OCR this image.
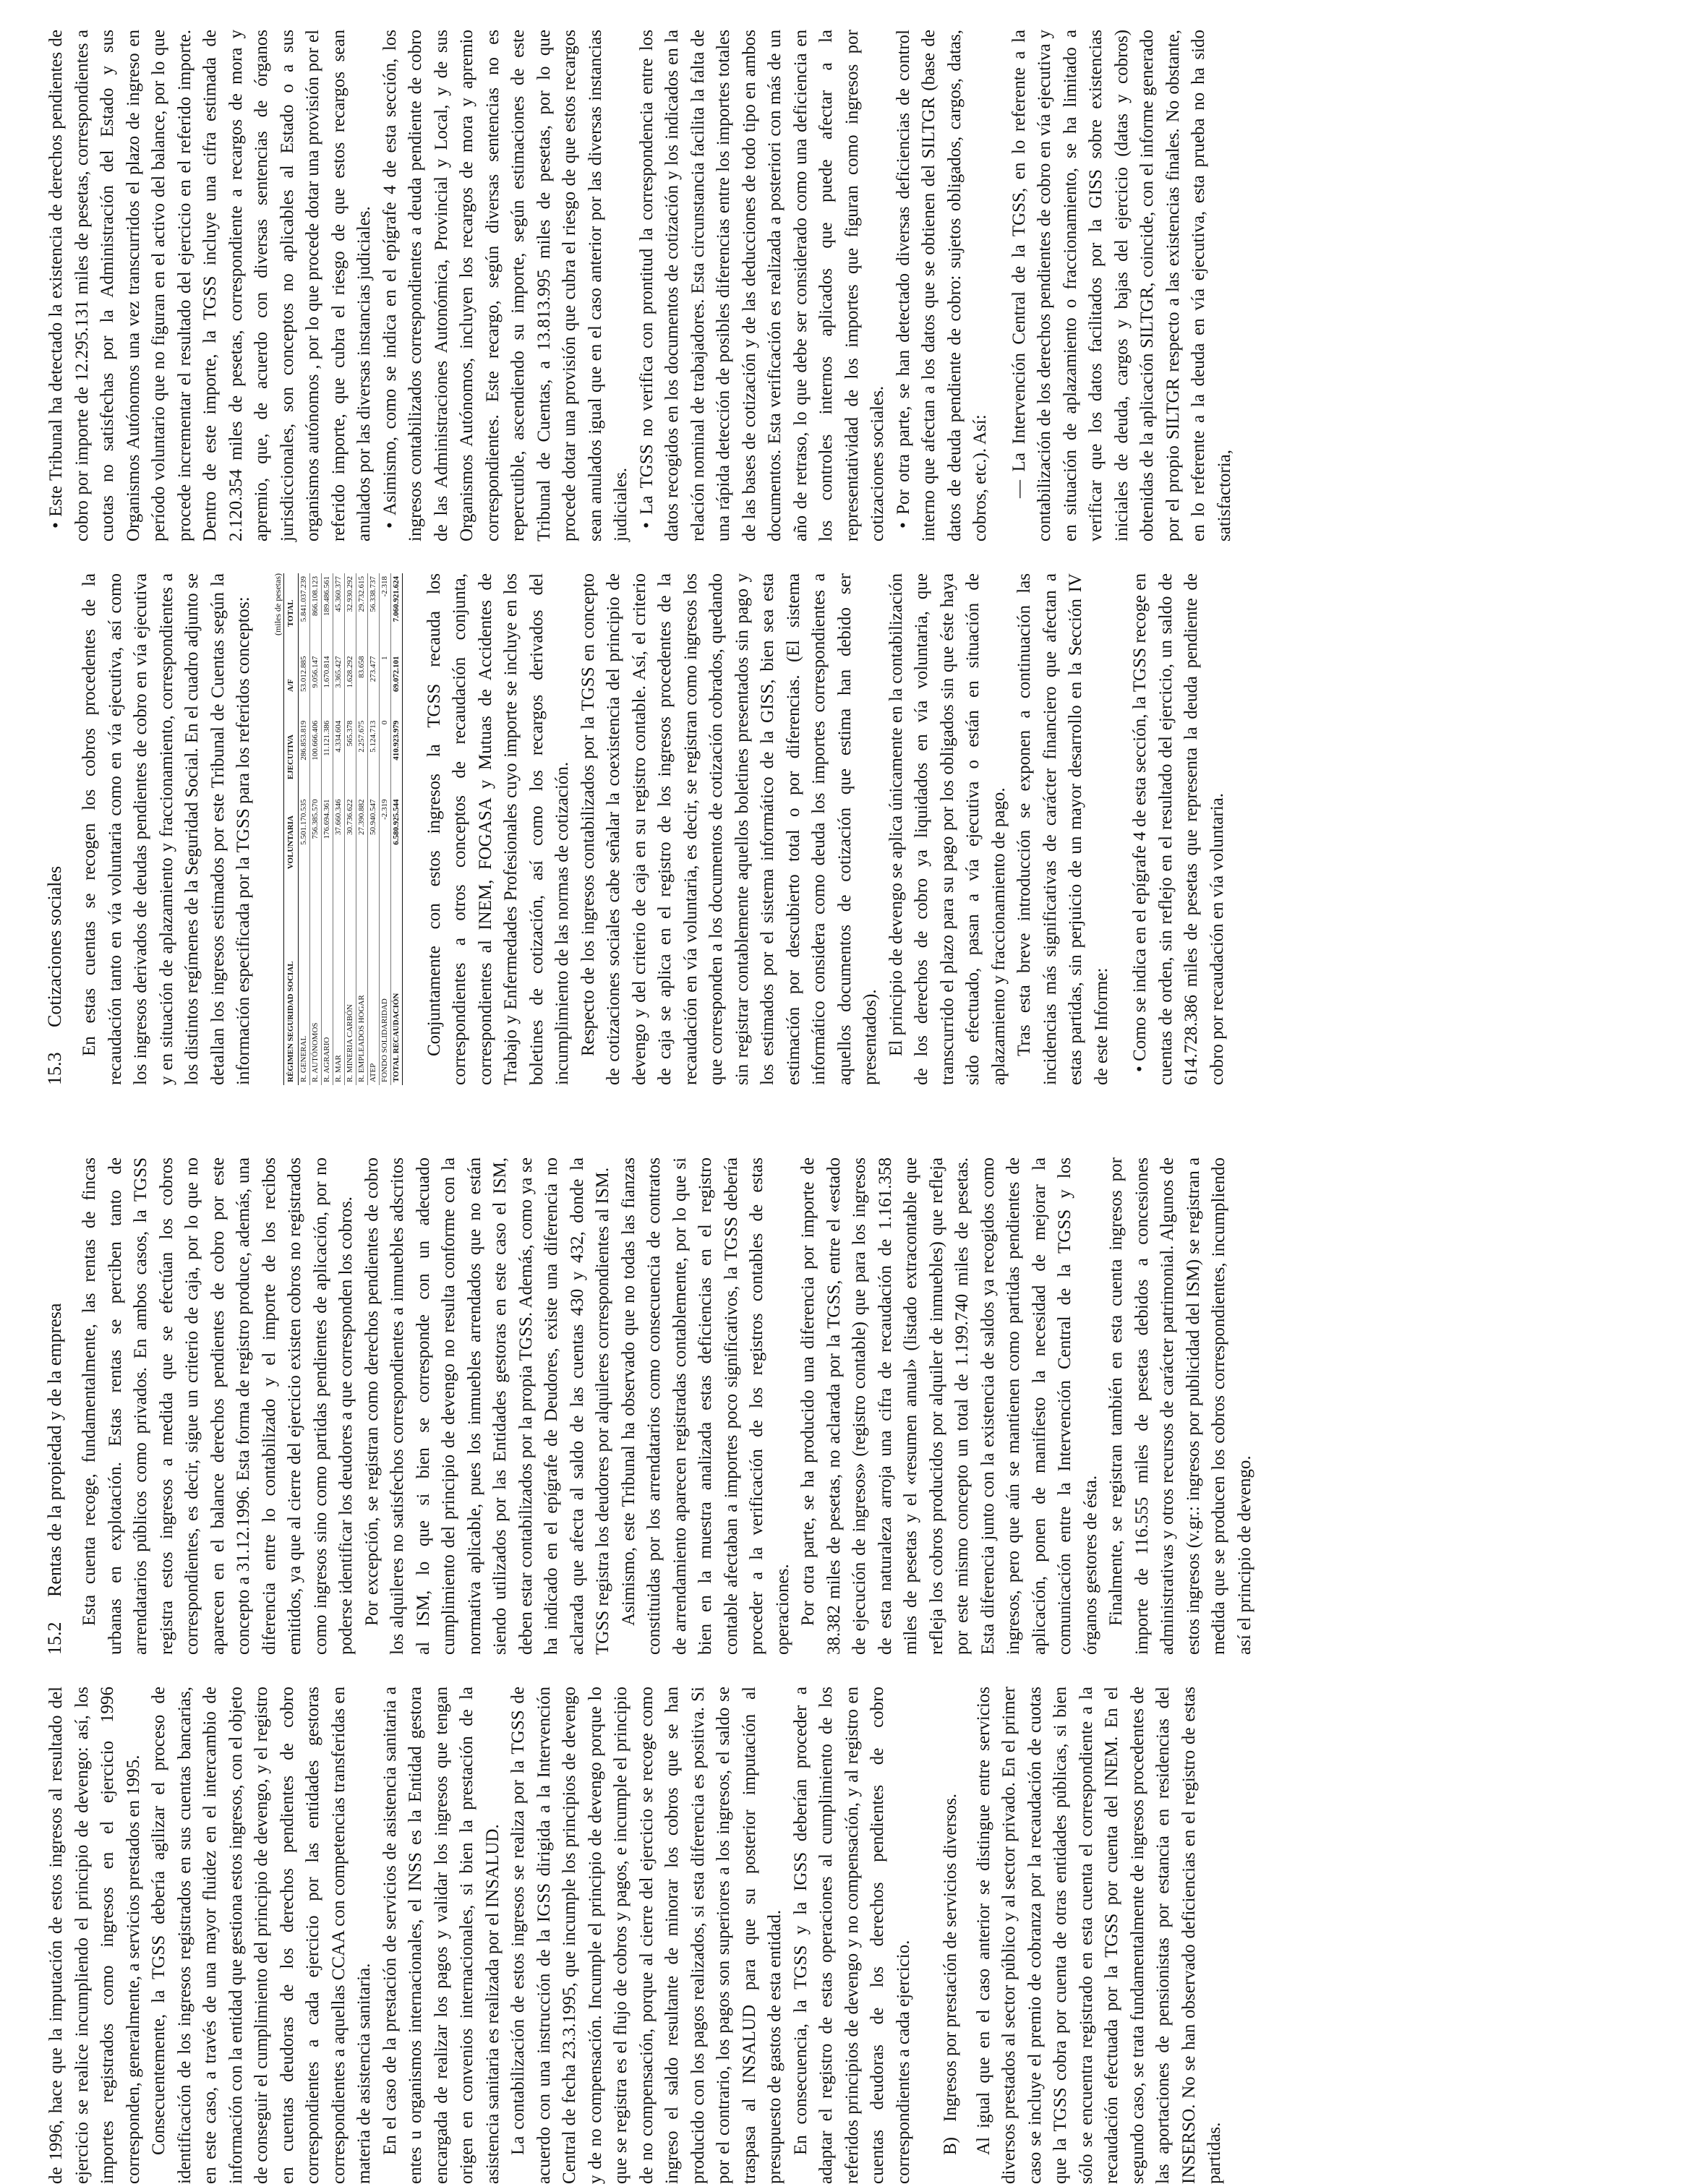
de 1996, hace que la imputación de estos ingresos al resultado del ejercicio se realice incumpliendo el principio de devengo: así, los importes registrados como ingresos en el ejercicio 1996 corresponden, generalmente, a servicios prestados en 1995. Consecuentemente, la TGSS debería agilizar el proceso de identificación de los ingresos registrados en sus cuentas bancarias, en este caso, a través de una mayor fluidez en el intercambio de información con la entidad que gestiona estos ingresos, con el objeto de conseguir el cumplimiento del principio de devengo, y el registro en cuentas deudoras de los derechos pendientes de cobro correspondientes a cada ejercicio por las entidades gestoras correspondientes a aquellas CCAA con competencias transferidas en materia de asistencia sanitaria. En el caso de la prestación de servicios de asistencia sanitaria a entes u organismos internacionales, el INSS es la Entidad gestora encargada de realizar los pagos y validar los ingresos que tengan origen en convenios internacionales, si bien la prestación de la asistencia sanitaria es realizada por el INSALUD. La contabilización de estos ingresos se realiza por la TGSS de acuerdo con una instrucción de la IGSS dirigida a la Intervención Central de fecha 23.3.1995, que incumple los principios de devengo y de no compensación. Incumple el principio de devengo porque lo que se registra es el flujo de cobros y pagos, e incumple el principio de no compensación, porque al cierre del ejercicio se recoge como ingreso el saldo resultante de minorar los cobros que se han producido con los pagos realizados, si esta diferencia es positiva. Si por el contrario, los pagos son superiores a los ingresos, el saldo se traspasa al INSALUD para que su posterior imputación al presupuesto de gastos de esta entidad. En consecuencia, la TGSS y la IGSS deberían proceder a adaptar el registro de estas operaciones al cumplimiento de los referidos principios de devengo y no compensación, y al registro en cuentas deudoras de los derechos pendientes de cobro correspondientes a cada ejercicio. B)Ingresos por prestación de servicios diversos. Al igual que en el caso anterior se distingue entre servicios diversos prestados al sector público y al sector privado. En el primer caso se incluye el premio de cobranza por la recaudación de cuotas que la TGSS cobra por cuenta de otras entidades públicas, si bien sólo se encuentra registrado en esta cuenta el correspondiente a la recaudación efectuada por la TGSS por cuenta del INEM. En el segundo caso, se trata fundamentalmente de ingresos procedentes de las aportaciones de pensionistas por estancia en residencias del INSERSO. No se han observado deficiencias en el registro de estas partidas.

15.2Rentas de la propiedad y de la empresa Esta cuenta recoge, fundamentalmente, las rentas de fincas urbanas en explotación. Estas rentas se perciben tanto de arrendatarios públicos como privados. En ambos casos, la TGSS registra estos ingresos a medida que se efectúan los cobros correspondientes, es decir, sigue un criterio de caja, por lo que no aparecen en el balance derechos pendientes de cobro por este concepto a 31.12.1996. Esta forma de registro produce, además, una diferencia entre lo contabilizado y el importe de los recibos emitidos, ya que al cierre del ejercicio existen cobros no registrados como ingresos sino como partidas pendientes de aplicación, por no poderse identificar los deudores a que corresponden los cobros. Por excepción, se registran como derechos pendientes de cobro los alquileres no satisfechos correspondientes a inmuebles adscritos al ISM, lo que si bien se corresponde con un adecuado cumplimiento del principio de devengo no resulta conforme con la normativa aplicable, pues los inmuebles arrendados que no están siendo utilizados por las Entidades gestoras en este caso el ISM, deben estar contabilizados por la propia TGSS. Además, como ya se ha indicado en el epígrafe de Deudores, existe una diferencia no aclarada que afecta al saldo de las cuentas 430 y 432, donde la TGSS registra los deudores por alquileres correspondientes al ISM. Asimismo, este Tribunal ha observado que no todas las fianzas constituidas por los arrendatarios como consecuencia de contratos de arrendamiento aparecen registradas contablemente, por lo que si bien en la muestra analizada estas deficiencias en el registro contable afectaban a importes poco significativos, la TGSS debería proceder a la verificación de los registros contables de estas operaciones. Por otra parte, se ha producido una diferencia por importe de 38.382 miles de pesetas, no aclarada por la TGSS, entre el «estado de ejecución de ingresos» (registro contable) que para los ingresos de esta naturaleza arroja una cifra de recaudación de 1.161.358 miles de pesetas y el «resumen anual» (listado extracontable que refleja los cobros producidos por alquiler de inmuebles) que refleja por este mismo concepto un total de 1.199.740 miles de pesetas. Esta diferencia junto con la existencia de saldos ya recogidos como ingresos, pero que aún se mantienen como partidas pendientes de aplicación, ponen de manifiesto la necesidad de mejorar la comunicación entre la Intervención Central de la TGSS y los órganos gestores de ésta. Finalmente, se registran también en esta cuenta ingresos por importe de 116.555 miles de pesetas debidos a concesiones administrativas y otros recursos de carácter patrimonial. Algunos de estos ingresos (v.gr.: ingresos por publicidad del ISM) se registran a medida que se producen los cobros correspondientes, incumpliendo así el principio de devengo.

15.3Cotizaciones sociales En estas cuentas se recogen los cobros procedentes de la recaudación tanto en vía voluntaria como en vía ejecutiva, así como los ingresos derivados de deudas pendientes de cobro en vía ejecutiva y en situación de aplazamiento y fraccionamiento, correspondientes a los distintos regímenes de la Seguridad Social. En el cuadro adjunto se detallan los ingresos estimados por este Tribunal de Cuentas según la información especificada por la TGSS para los referidos conceptos:	(miles de pesetas)
RÉGIMEN SEGURIDAD SOCIAL	VOLUNTARIA	EJECUTIVA	A/F	TOTAL
R. GENERAL	5.501.170.535	286.853.819	53.012.885	5.841.037.239
R. AUTÓNOMOS	756.385.570	100.666.406	9.056.147	866.108.123
R. AGRARIO	176.694.361	11.121.386	1.670.814	189.486.561
R. MAR	37.660.346	4.334.604	3.365.427	45.360.377
R. MINERIA CARBÓN	30.736.622	565.378	1.628.292	32.930.292
R. EMPLEADOS HOGAR	27.390.882	2.257.675	83.658	29.732.615
ATEP	50.940.547	5.124.713	273.477	56.338.737
FONDO SOLIDARIDAD	-2.319	0	1	-2.318
TOTAL RECAUDACIÓN	6.580.925.544	410.923.979	69.072.101	7.060.921.624 Conjuntamente con estos ingresos la TGSS recauda los correspondientes a otros conceptos de recaudación conjunta, correspondientes al INEM, FOGASA y Mutuas de Accidentes de Trabajo y Enfermedades Profesionales cuyo importe se incluye en los boletines de cotización, así como los recargos derivados del incumplimiento de las normas de cotización. Respecto de los ingresos contabilizados por la TGSS en concepto de cotizaciones sociales cabe señalar la coexistencia del principio de devengo y del criterio de caja en su registro contable. Así, el criterio de caja se aplica en el registro de los ingresos procedentes de la recaudación en vía voluntaria, es decir, se registran como ingresos los que corresponden a los documentos de cotización cobrados, quedando sin registrar contablemente aquellos boletines presentados sin pago y los estimados por el sistema informático de la GISS, bien sea esta estimación por descubierto total o por diferencias. (El sistema informático considera como deuda los importes correspondientes a aquellos documentos de cotización que estima han debido ser presentados). El principio de devengo se aplica únicamente en la contabilización de los derechos de cobro ya liquidados en vía voluntaria, que transcurrido el plazo para su pago por los obligados sin que éste haya sido efectuado, pasan a vía ejecutiva o están en situación de aplazamiento y fraccionamiento de pago. Tras esta breve introducción se exponen a continuación las incidencias más significativas de carácter financiero que afectan a estas partidas, sin perjuicio de un mayor desarrollo en la Sección IV de este Informe: • Como se indica en el epígrafe 4 de esta sección, la TGSS recoge en cuentas de orden, sin reflejo en el resultado del ejercicio, un saldo de 614.728.386 miles de pesetas que representa la deuda pendiente de cobro por recaudación en vía voluntaria.

• Este Tribunal ha detectado la existencia de derechos pendientes de cobro por importe de 12.295.131 miles de pesetas, correspondientes a cuotas no satisfechas por la Administración del Estado y sus Organismos Autónomos una vez transcurridos el plazo de ingreso en período voluntario que no figuran en el activo del balance, por lo que procede incrementar el resultado del ejercicio en el referido importe. Dentro de este importe, la TGSS incluye una cifra estimada de 2.120.354 miles de pesetas, correspondiente a recargos de mora y apremio, que, de acuerdo con diversas sentencias de órganos jurisdiccionales, son conceptos no aplicables al Estado o a sus organismos autónomos , por lo que procede dotar una provisión por el referido importe, que cubra el riesgo de que estos recargos sean anulados por las diversas instancias judiciales. • Asimismo, como se indica en el epígrafe 4 de esta sección, los ingresos contabilizados correspondientes a deuda pendiente de cobro de las Administraciones Autonómica, Provincial y Local, y de sus Organismos Autónomos, incluyen los recargos de mora y apremio correspondientes. Este recargo, según diversas sentencias no es repercutible, ascendiendo su importe, según estimaciones de este Tribunal de Cuentas, a 13.813.995 miles de pesetas, por lo que procede dotar una provisión que cubra el riesgo de que estos recargos sean anulados igual que en el caso anterior por las diversas instancias judiciales. • La TGSS no verifica con prontitud la correspondencia entre los datos recogidos en los documentos de cotización y los indicados en la relación nominal de trabajadores. Esta circunstancia facilita la falta de una rápida detección de posibles diferencias entre los importes totales de las bases de cotización y de las deducciones de todo tipo en ambos documentos. Esta verificación es realizada a posteriori con más de un año de retraso, lo que debe ser considerado como una deficiencia en los controles internos aplicados que puede afectar a la representatividad de los importes que figuran como ingresos por cotizaciones sociales. • Por otra parte, se han detectado diversas deficiencias de control interno que afectan a los datos que se obtienen del SILTGR (base de datos de deuda pendiente de cobro: sujetos obligados, cargos, datas, cobros, etc.). Así: — La Intervención Central de la TGSS, en lo referente a la contabilización de los derechos pendientes de cobro en vía ejecutiva y en situación de aplazamiento o fraccionamiento, se ha limitado a verificar que los datos facilitados por la GISS sobre existencias iniciales de deuda, cargos y bajas del ejercicio (datas y cobros) obtenidas de la aplicación SILTGR, coincide, con el informe generado por el propio SILTGR respecto a las existencias finales. No obstante, en lo referente a la deuda en vía ejecutiva, esta prueba no ha sido satisfactoria,
